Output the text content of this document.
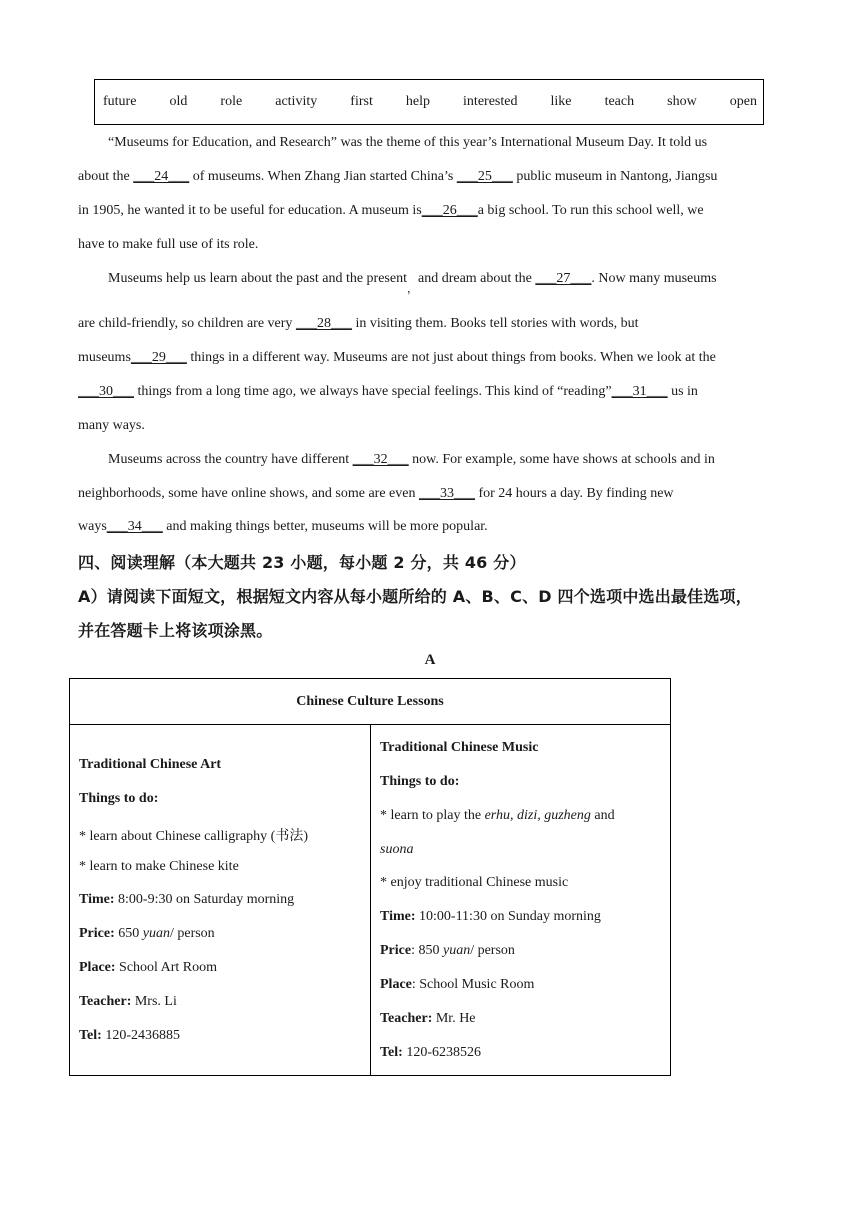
future old role activity first help interested like teach show open
“Museums for Education, and Research” was the theme of this year’s International Museum Day. It told us
about the ___24___ of museums. When Zhang Jian started China’s ___25___ public museum in Nantong, Jiangsu
in 1905, he wanted it to be useful for education. A museum is___26___a big school. To run this school well, we
have to make full use of its role.
Museums help us learn about the past and the present$_,$and dream about the ___27___. Now many museums
are child-friendly, so children are very ___28___ in visiting them. Books tell stories with words, but
museums___29___ things in a different way. Museums are not just about things from books. When we look at the
___30___ things from a long time ago, we always have special feelings. This kind of “reading”___31___ us in
many ways.
Museums across the country have different ___32___ now. For example, some have shows at schools and in
neighborhoods, some have online shows, and some are even ___33___ for 24 hours a day. By finding new
ways___34___ and making things better, museums will be more popular.
四、阅读理解（本大题共 23 小题，每小题 2 分，共 46 分）
A）请阅读下面短文，根据短文内容从每小题所给的 A、B、C、D 四个选项中选出最佳选项，
并在答题卡上将该项涂黑。
A
Chinese Culture Lessons

Traditional Chinese Art
Things to do:
* learn about Chinese calligraphy (书法)
* learn to make Chinese kite
Time: 8:00-9:30 on Saturday morning
Price: 650 yuan/ person
Place: School Art Room
Teacher: Mrs. Li
Tel: 120-2436885

Traditional Chinese Music
Things to do:
* learn to play the erhu, dizi, guzheng and
suona
* enjoy traditional Chinese music
Time: 10:00-11:30 on Sunday morning
Price: 850 yuan/ person
Place: School Music Room
Teacher: Mr. He
Tel: 120-6238526
